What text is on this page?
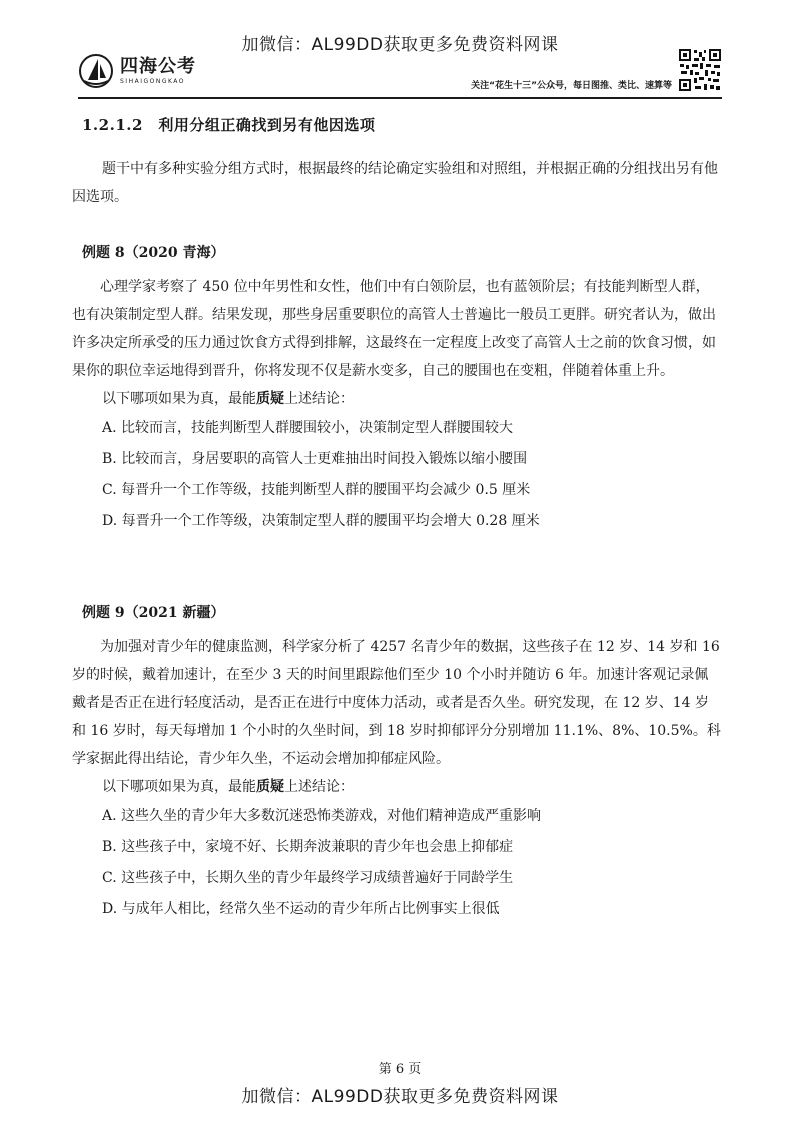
加微信：AL99DD获取更多免费资料网课
四海公考
SIHAIGONGKAO	关注“花生十三”公众号，每日图推、类比、速算等
1.2.1.2　利用分组正确找到另有他因选项

题干中有多种实验分组方式时，根据最终的结论确定实验组和对照组，并根据正确的分组找出另有他

因选项。

例题 8（2020 青海）

心理学家考察了 450 位中年男性和女性，他们中有白领阶层，也有蓝领阶层；有技能判断型人群，也有决策制定型人群。结果发现，那些身居重要职位的高管人士普遍比一般员工更胖。研究者认为，做出许多决定所承受的压力通过饮食方式得到排解，这最终在一定程度上改变了高管人士之前的饮食习惯，如果你的职位幸运地得到晋升，你将发现不仅是薪水变多，自己的腰围也在变粗，伴随着体重上升。

以下哪项如果为真，最能质疑上述结论：
A. 比较而言，技能判断型人群腰围较小，决策制定型人群腰围较大
B. 比较而言，身居要职的高管人士更难抽出时间投入锻炼以缩小腰围
C. 每晋升一个工作等级，技能判断型人群的腰围平均会减少 0.5 厘米
D. 每晋升一个工作等级，决策制定型人群的腰围平均会增大 0.28 厘米
例题 9（2021 新疆）

为加强对青少年的健康监测，科学家分析了 4257 名青少年的数据，这些孩子在 12 岁、14 岁和 16 岁的时候，戴着加速计，在至少 3 天的时间里跟踪他们至少 10 个小时并随访 6 年。加速计客观记录佩戴者是否正在进行轻度活动，是否正在进行中度体力活动，或者是否久坐。研究发现，在 12 岁、14 岁和 16 岁时，每天每增加 1 个小时的久坐时间，到 18 岁时抑郁评分分别增加 11.1%、8%、10.5%。科学家据此得出结论，青少年久坐，不运动会增加抑郁症风险。

以下哪项如果为真，最能质疑上述结论：
A. 这些久坐的青少年大多数沉迷恐怖类游戏，对他们精神造成严重影响
B. 这些孩子中，家境不好、长期奔波兼职的青少年也会患上抑郁症
C. 这些孩子中，长期久坐的青少年最终学习成绩普遍好于同龄学生
D. 与成年人相比，经常久坐不运动的青少年所占比例事实上很低
第 6 页
加微信：AL99DD获取更多免费资料网课
